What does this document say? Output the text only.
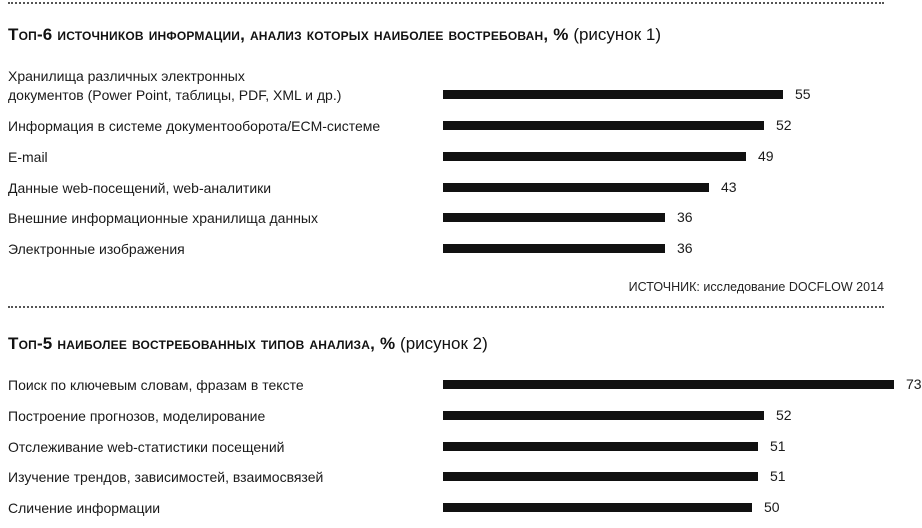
Топ-6 источников информации, анализ которых наиболее востребован, % (рисунок 1)
Хранилища различных электронных
документов (Power Point, таблицы, PDF, XML и др.)	55
Информация в системе документооборота/ECM-системе	52
E-mail	49
Данные web-посещений, web-аналитики	43
Внешние информационные хранилища данных	36
Электронные изображения	36
ИСТОЧНИК: исследование DOCFLOW 2014
Топ-5 наиболее востребованных типов анализа, % (рисунок 2)
Поиск по ключевым словам, фразам в тексте	73
Построение прогнозов, моделирование	52
Отслеживание web-статистики посещений	51
Изучение трендов, зависимостей, взаимосвязей	51
Сличение информации	50
